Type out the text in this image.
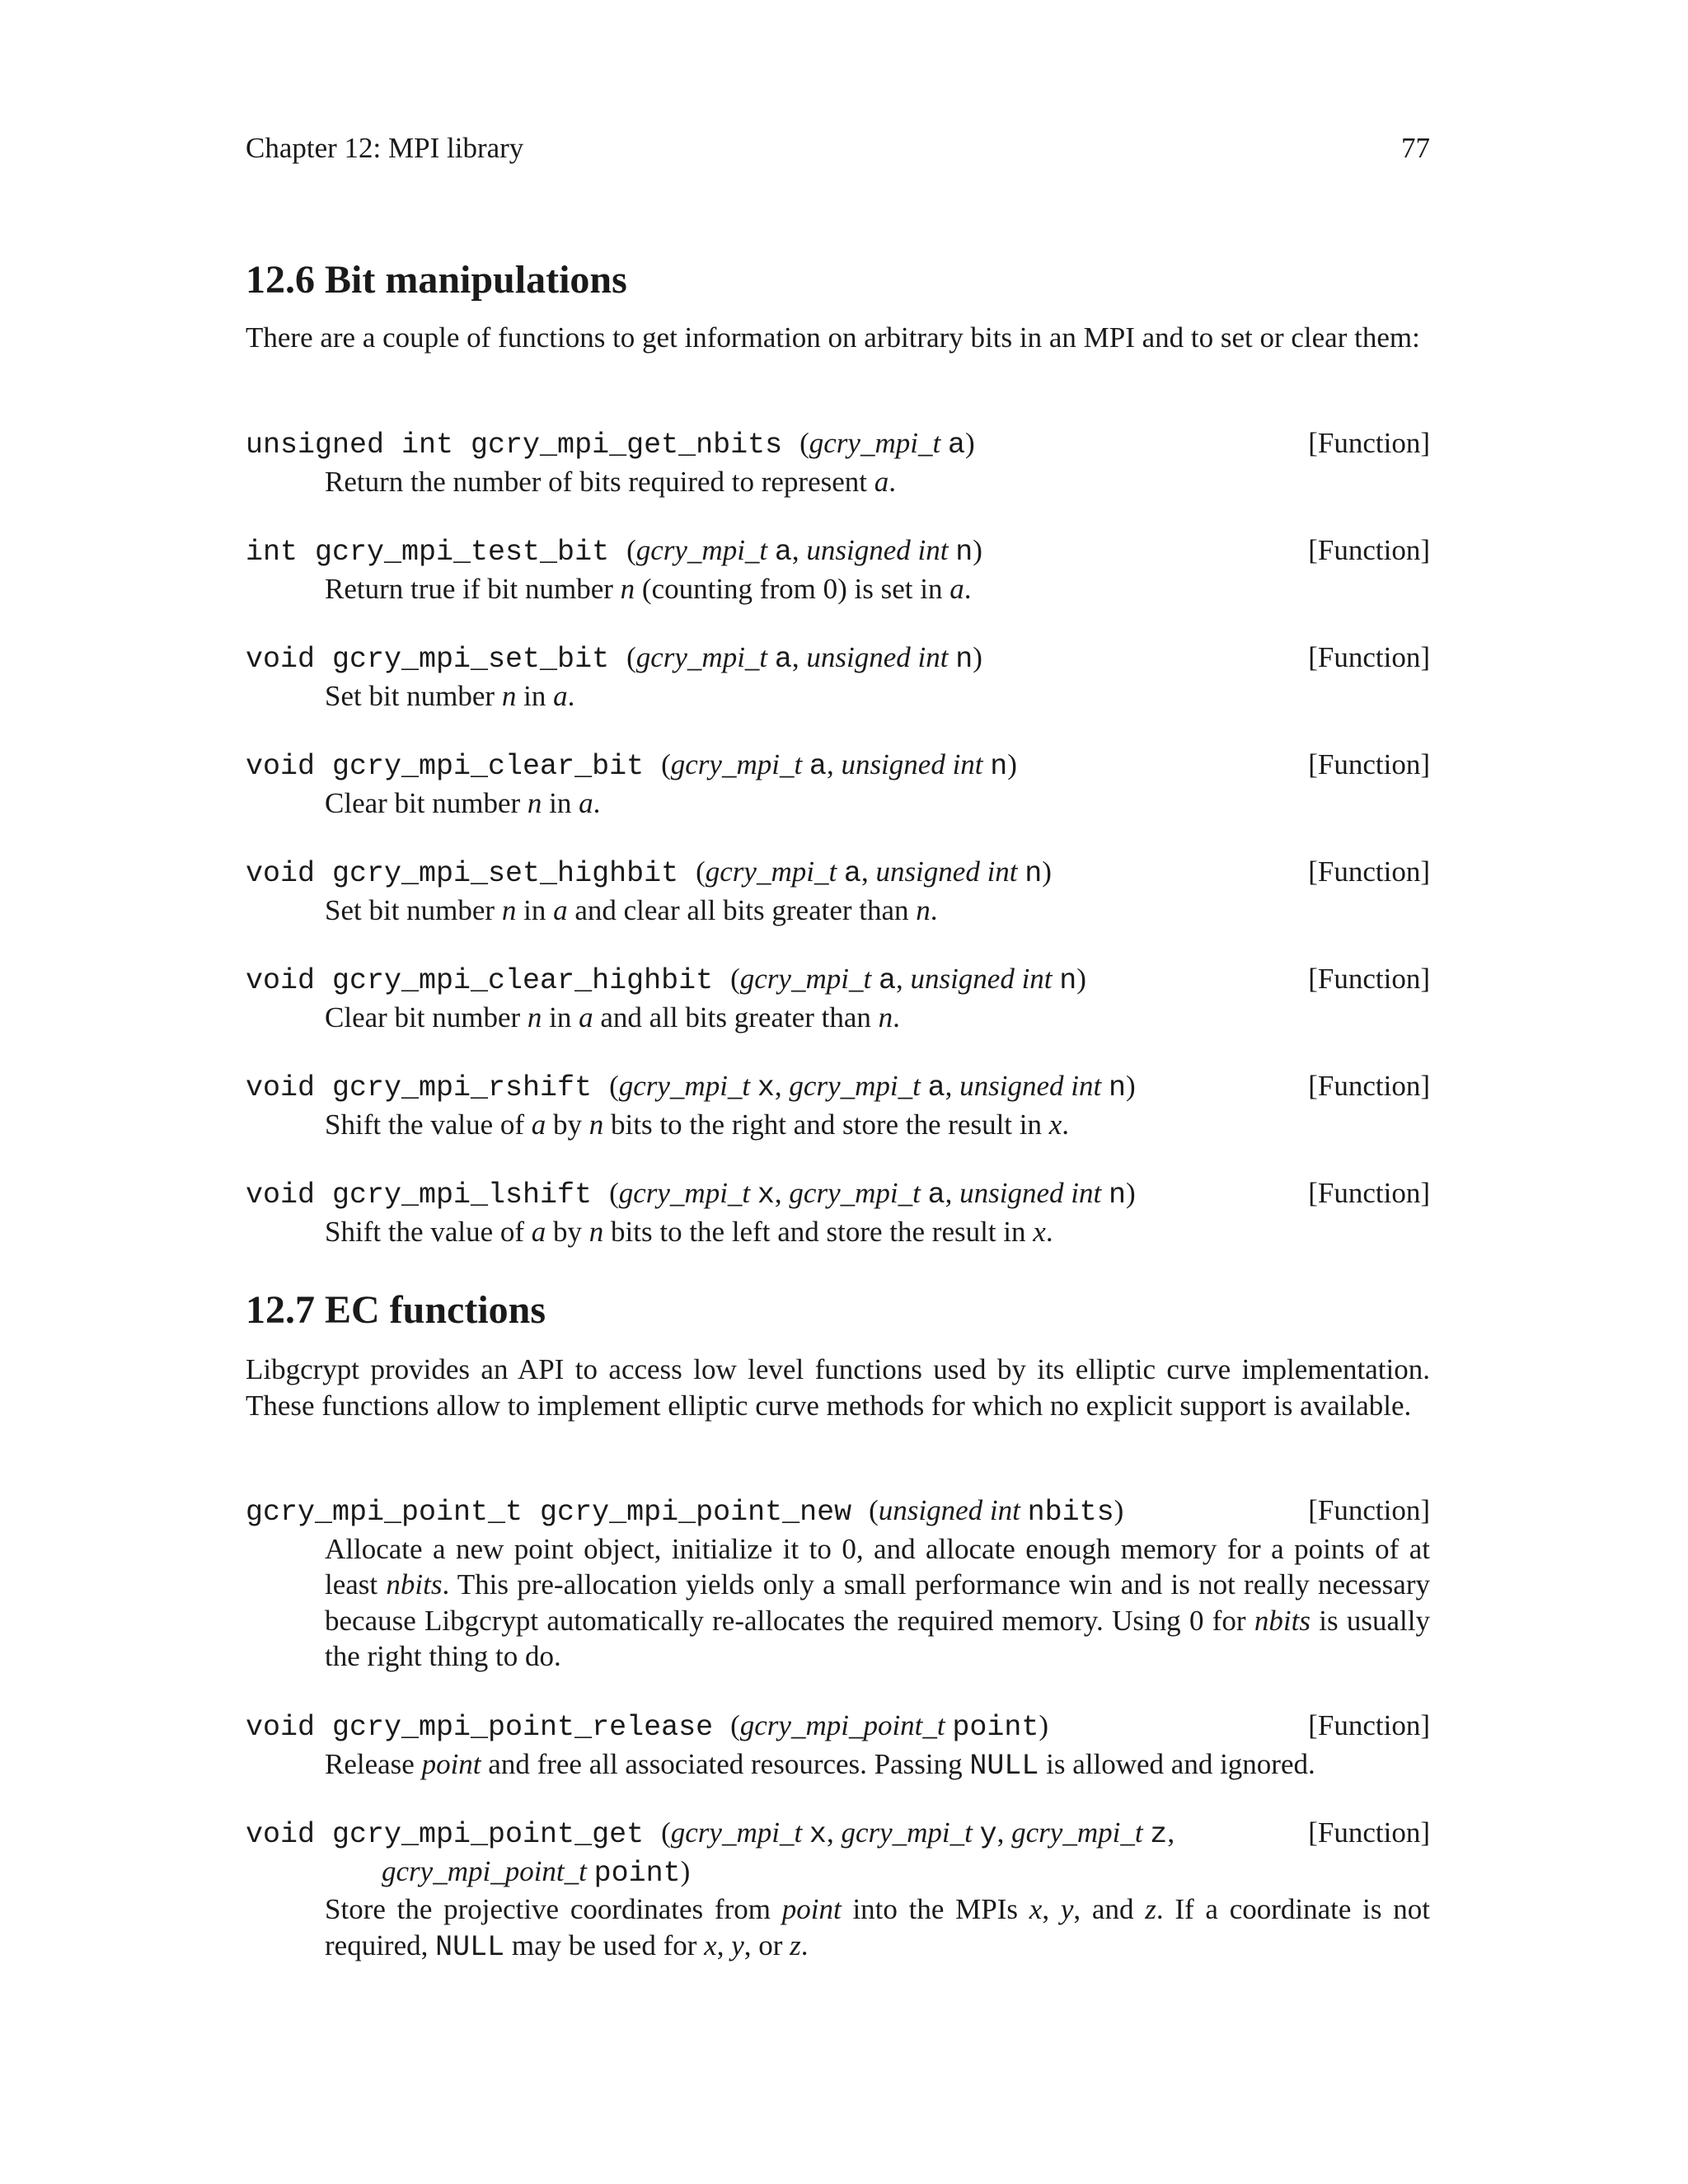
Chapter 12: MPI library	77
12.6 Bit manipulations
There are a couple of functions to get information on arbitrary bits in an MPI and to set or clear them:
unsigned int gcry_mpi_get_nbits (gcry_mpi_t a)	[Function]
Return the number of bits required to represent a.
int gcry_mpi_test_bit (gcry_mpi_t a, unsigned int n)	[Function]
Return true if bit number n (counting from 0) is set in a.
void gcry_mpi_set_bit (gcry_mpi_t a, unsigned int n)	[Function]
Set bit number n in a.
void gcry_mpi_clear_bit (gcry_mpi_t a, unsigned int n)	[Function]
Clear bit number n in a.
void gcry_mpi_set_highbit (gcry_mpi_t a, unsigned int n)	[Function]
Set bit number n in a and clear all bits greater than n.
void gcry_mpi_clear_highbit (gcry_mpi_t a, unsigned int n)	[Function]
Clear bit number n in a and all bits greater than n.
void gcry_mpi_rshift (gcry_mpi_t x, gcry_mpi_t a, unsigned int n)	[Function]
Shift the value of a by n bits to the right and store the result in x.
void gcry_mpi_lshift (gcry_mpi_t x, gcry_mpi_t a, unsigned int n)	[Function]
Shift the value of a by n bits to the left and store the result in x.
12.7 EC functions
Libgcrypt provides an API to access low level functions used by its elliptic curve implementation. These functions allow to implement elliptic curve methods for which no explicit support is available.
gcry_mpi_point_t gcry_mpi_point_new (unsigned int nbits)	[Function]
Allocate a new point object, initialize it to 0, and allocate enough memory for a points of at least nbits. This pre-allocation yields only a small performance win and is not really necessary because Libgcrypt automatically re-allocates the required memory. Using 0 for nbits is usually the right thing to do.
void gcry_mpi_point_release (gcry_mpi_point_t point)	[Function]
Release point and free all associated resources. Passing NULL is allowed and ignored.
void gcry_mpi_point_get (gcry_mpi_t x, gcry_mpi_t y, gcry_mpi_t z,	[Function]
gcry_mpi_point_t point)
Store the projective coordinates from point into the MPIs x, y, and z. If a coordinate is not required, NULL may be used for x, y, or z.
